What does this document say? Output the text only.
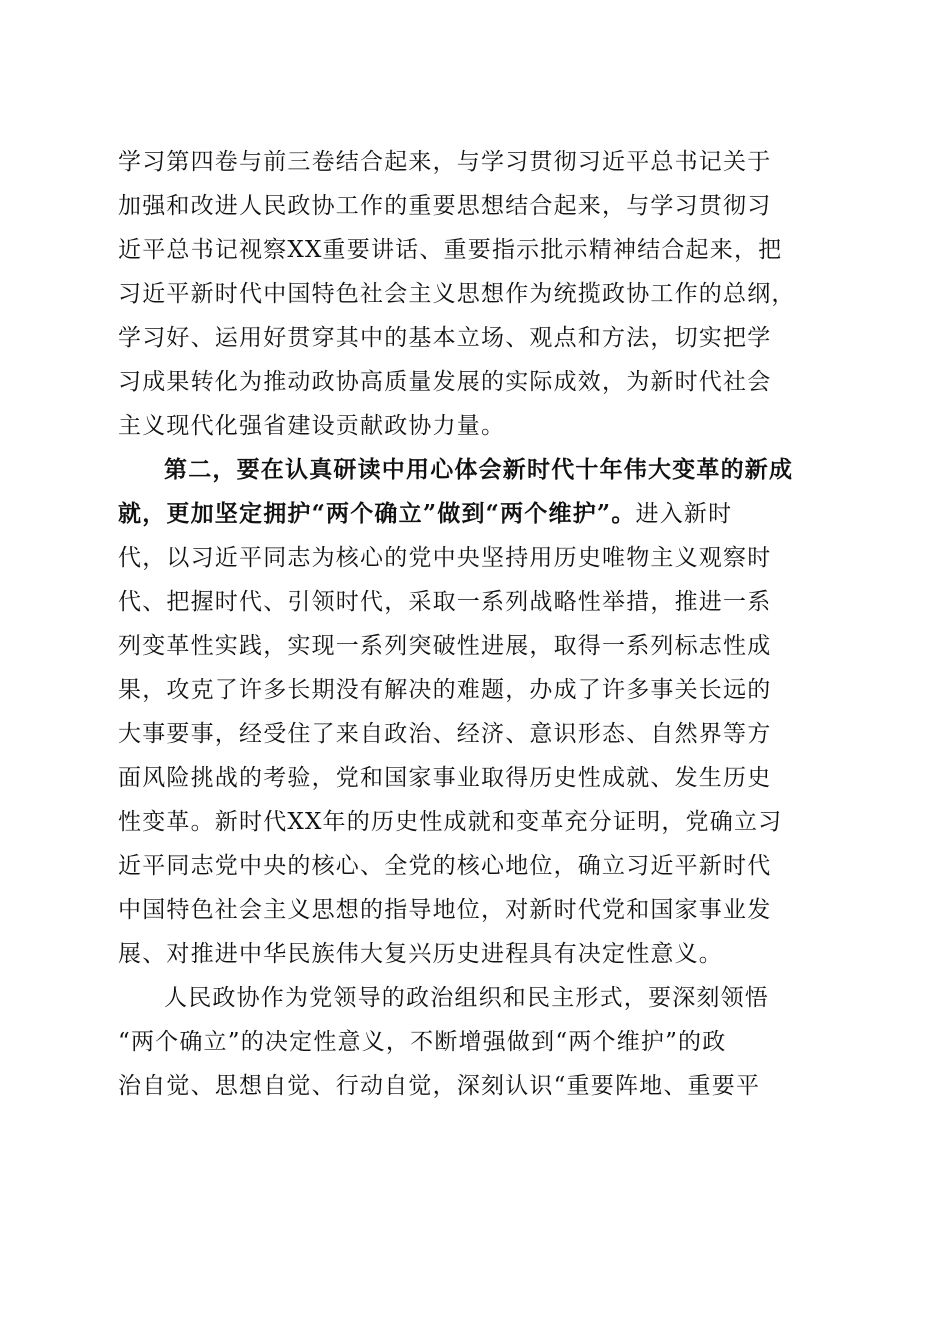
学习第四卷与前三卷结合起来，与学习贯彻习近平总书记关于
加强和改进人民政协工作的重要思想结合起来，与学习贯彻习
近平总书记视察XX重要讲话、重要指示批示精神结合起来，把
习近平新时代中国特色社会主义思想作为统揽政协工作的总纲，
学习好、运用好贯穿其中的基本立场、观点和方法，切实把学
习成果转化为推动政协高质量发展的实际成效，为新时代社会
主义现代化强省建设贡献政协力量。

第二，要在认真研读中用心体会新时代十年伟大变革的新成
就，更加坚定拥护“两个确立”做到“两个维护”。进入新时
代，以习近平同志为核心的党中央坚持用历史唯物主义观察时
代、把握时代、引领时代，采取一系列战略性举措，推进一系
列变革性实践，实现一系列突破性进展，取得一系列标志性成
果，攻克了许多长期没有解决的难题，办成了许多事关长远的
大事要事，经受住了来自政治、经济、意识形态、自然界等方
面风险挑战的考验，党和国家事业取得历史性成就、发生历史
性变革。新时代XX年的历史性成就和变革充分证明，党确立习
近平同志党中央的核心、全党的核心地位，确立习近平新时代
中国特色社会主义思想的指导地位，对新时代党和国家事业发
展、对推进中华民族伟大复兴历史进程具有决定性意义。

人民政协作为党领导的政治组织和民主形式，要深刻领悟
“两个确立”的决定性意义，不断增强做到“两个维护”的政
治自觉、思想自觉、行动自觉，深刻认识“重要阵地、重要平
